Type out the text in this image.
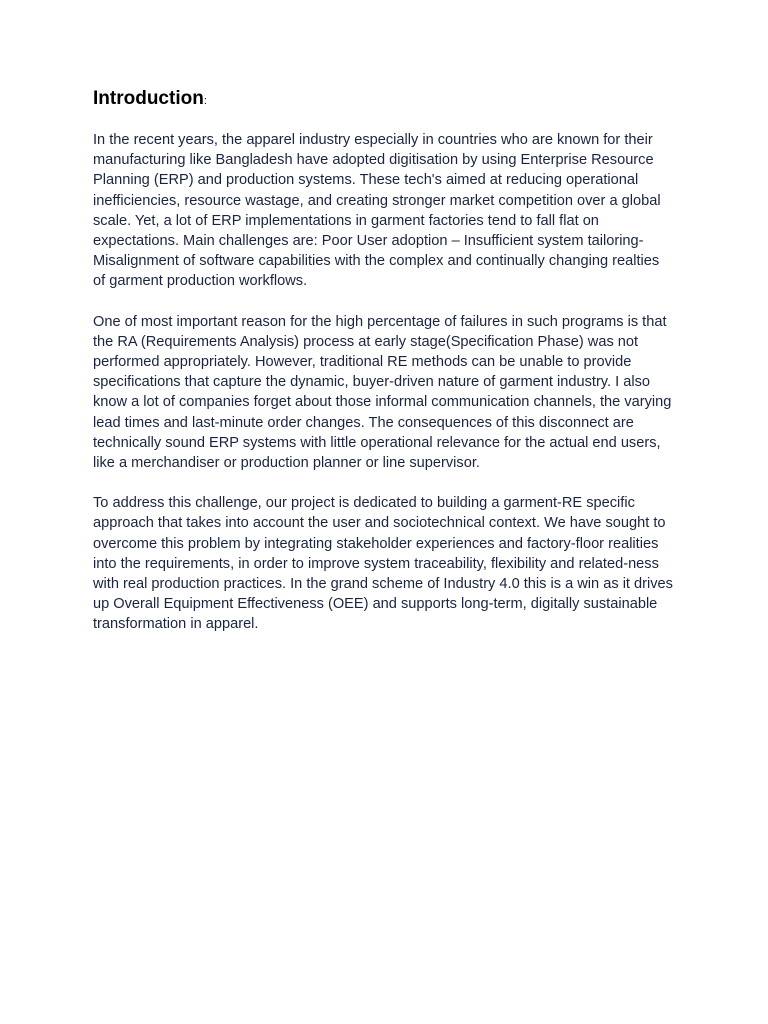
Introduction:

In the recent years, the apparel industry especially in countries who are known for their manufacturing like Bangladesh have adopted digitisation by using Enterprise Resource Planning (ERP) and production systems. These tech's aimed at reducing operational inefficiencies, resource wastage, and creating stronger market competition over a global scale. Yet, a lot of ERP implementations in garment factories tend to fall flat on expectations. Main challenges are: Poor User adoption – Insufficient system tailoring- Misalignment of software capabilities with the complex and continually changing realties of garment production workflows.

One of most important reason for the high percentage of failures in such programs is that the RA (Requirements Analysis) process at early stage(Specification Phase) was not performed appropriately. However, traditional RE methods can be unable to provide specifications that capture the dynamic, buyer-driven nature of garment industry. I also know a lot of companies forget about those informal communication channels, the varying lead times and last-minute order changes. The consequences of this disconnect are technically sound ERP systems with little operational relevance for the actual end users, like a merchandiser or production planner or line supervisor.

To address this challenge, our project is dedicated to building a garment-RE specific approach that takes into account the user and sociotechnical context. We have sought to overcome this problem by integrating stakeholder experiences and factory-floor realities into the requirements, in order to improve system traceability, flexibility and related-ness with real production practices. In the grand scheme of Industry 4.0 this is a win as it drives up Overall Equipment Effectiveness (OEE) and supports long-term, digitally sustainable transformation in apparel.
